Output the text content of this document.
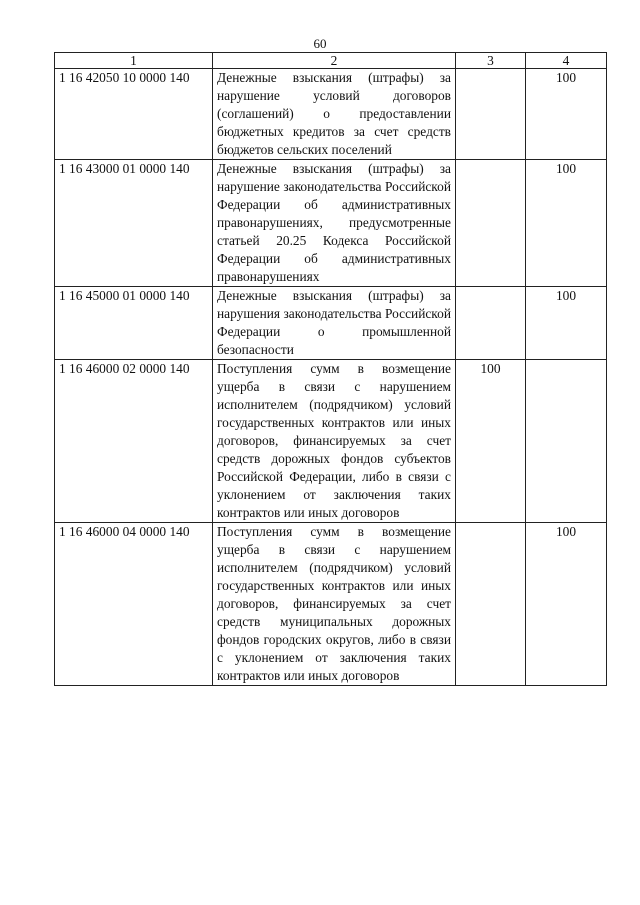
60
1	2	3	4
1 16 42050 10 0000 140	Денежные взыскания (штрафы) за нарушение условий договоров (соглашений) о предоставлении бюджетных кредитов за счет средств бюджетов сельских поселений		100
1 16 43000 01 0000 140	Денежные взыскания (штрафы) за нарушение законодательства Российской Федерации об административных правонарушениях, предусмотренные статьей 20.25 Кодекса Российской Федерации об административных правонарушениях		100
1 16 45000 01 0000 140	Денежные взыскания (штрафы) за нарушения законодательства Российской Федерации о промышленной безопасности		100
1 16 46000 02 0000 140	Поступления сумм в возмещение ущерба в связи с нарушением исполнителем (подрядчиком) условий государственных контрактов или иных договоров, финансируемых за счет средств дорожных фондов субъектов Российской Федерации, либо в связи с уклонением от заключения таких контрактов или иных договоров	100	
1 16 46000 04 0000 140	Поступления сумм в возмещение ущерба в связи с нарушением исполнителем (подрядчиком) условий государственных контрактов или иных договоров, финансируемых за счет средств муниципальных дорожных фондов городских округов, либо в связи с уклонением от заключения таких контрактов или иных договоров		100
